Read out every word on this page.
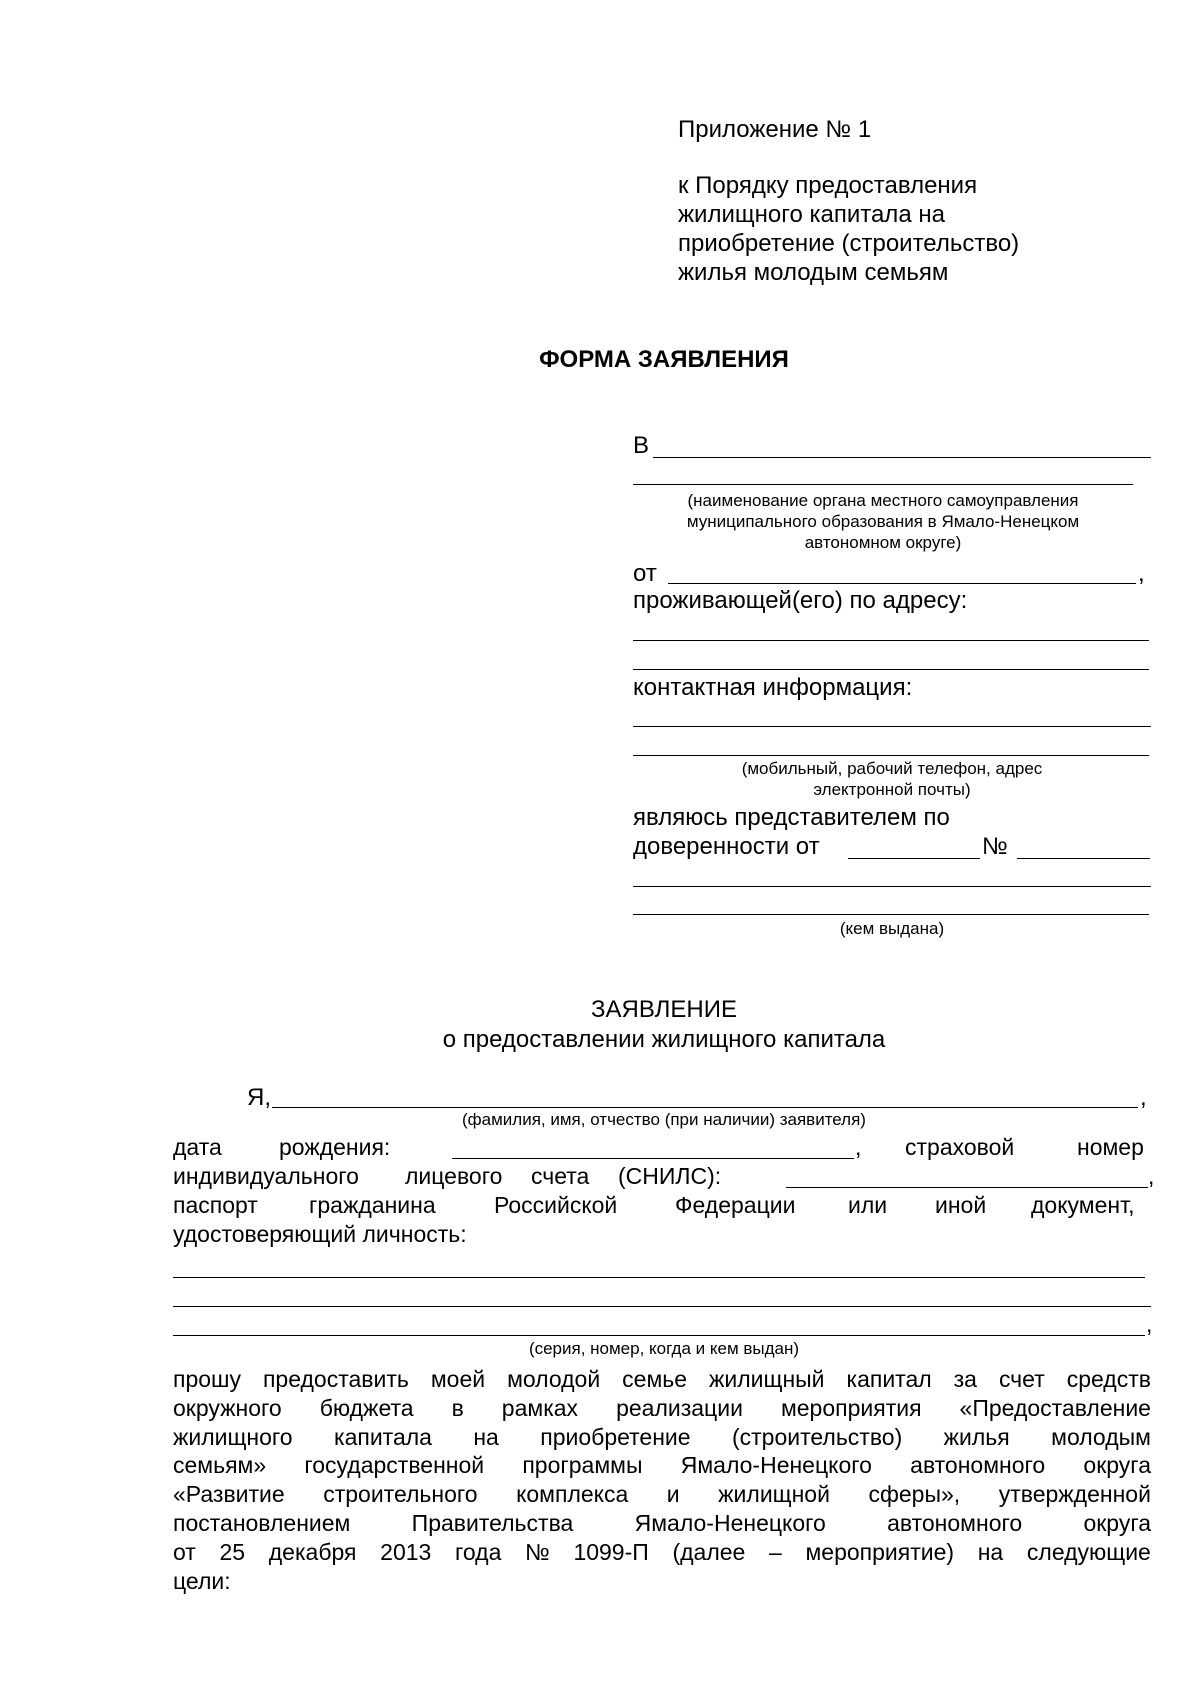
Приложение № 1
к Порядку предоставления
жилищного капитала на
приобретение (строительство)
жилья молодым семьям
ФОРМА ЗАЯВЛЕНИЯ
В
(наименование органа местного самоуправления
муниципального образования в Ямало-Ненецком
автономном округе)
от	,
проживающей(его) по адресу:
контактная информация:
(мобильный, рабочий телефон, адрес
электронной почты)
являюсь представителем по
доверенности от	№
(кем выдана)
ЗАЯВЛЕНИЕ
о предоставлении жилищного капитала
Я,	,
(фамилия, имя, отчество (при наличии) заявителя)
дата рождения:	, страховой	номер
индивидуального лицевого счета (СНИЛС):	,
паспорт гражданина	Российской	Федерации или иной документ,
удостоверяющий личность:
,
(серия, номер, когда и кем выдан)
прошу предоставить моей молодой семье жилищный капитал за счет средств
окружного бюджета в рамках реализации мероприятия «Предоставление
жилищного капитала на приобретение (строительство) жилья молодым
семьям» государственной программы Ямало-Ненецкого автономного округа
«Развитие строительного комплекса и жилищной сферы», утвержденной
постановлением	Правительства	Ямало-Ненецкого	автономного	округа
от 25 декабря 2013 года № 1099-П (далее – мероприятие) на следующие
цели:
